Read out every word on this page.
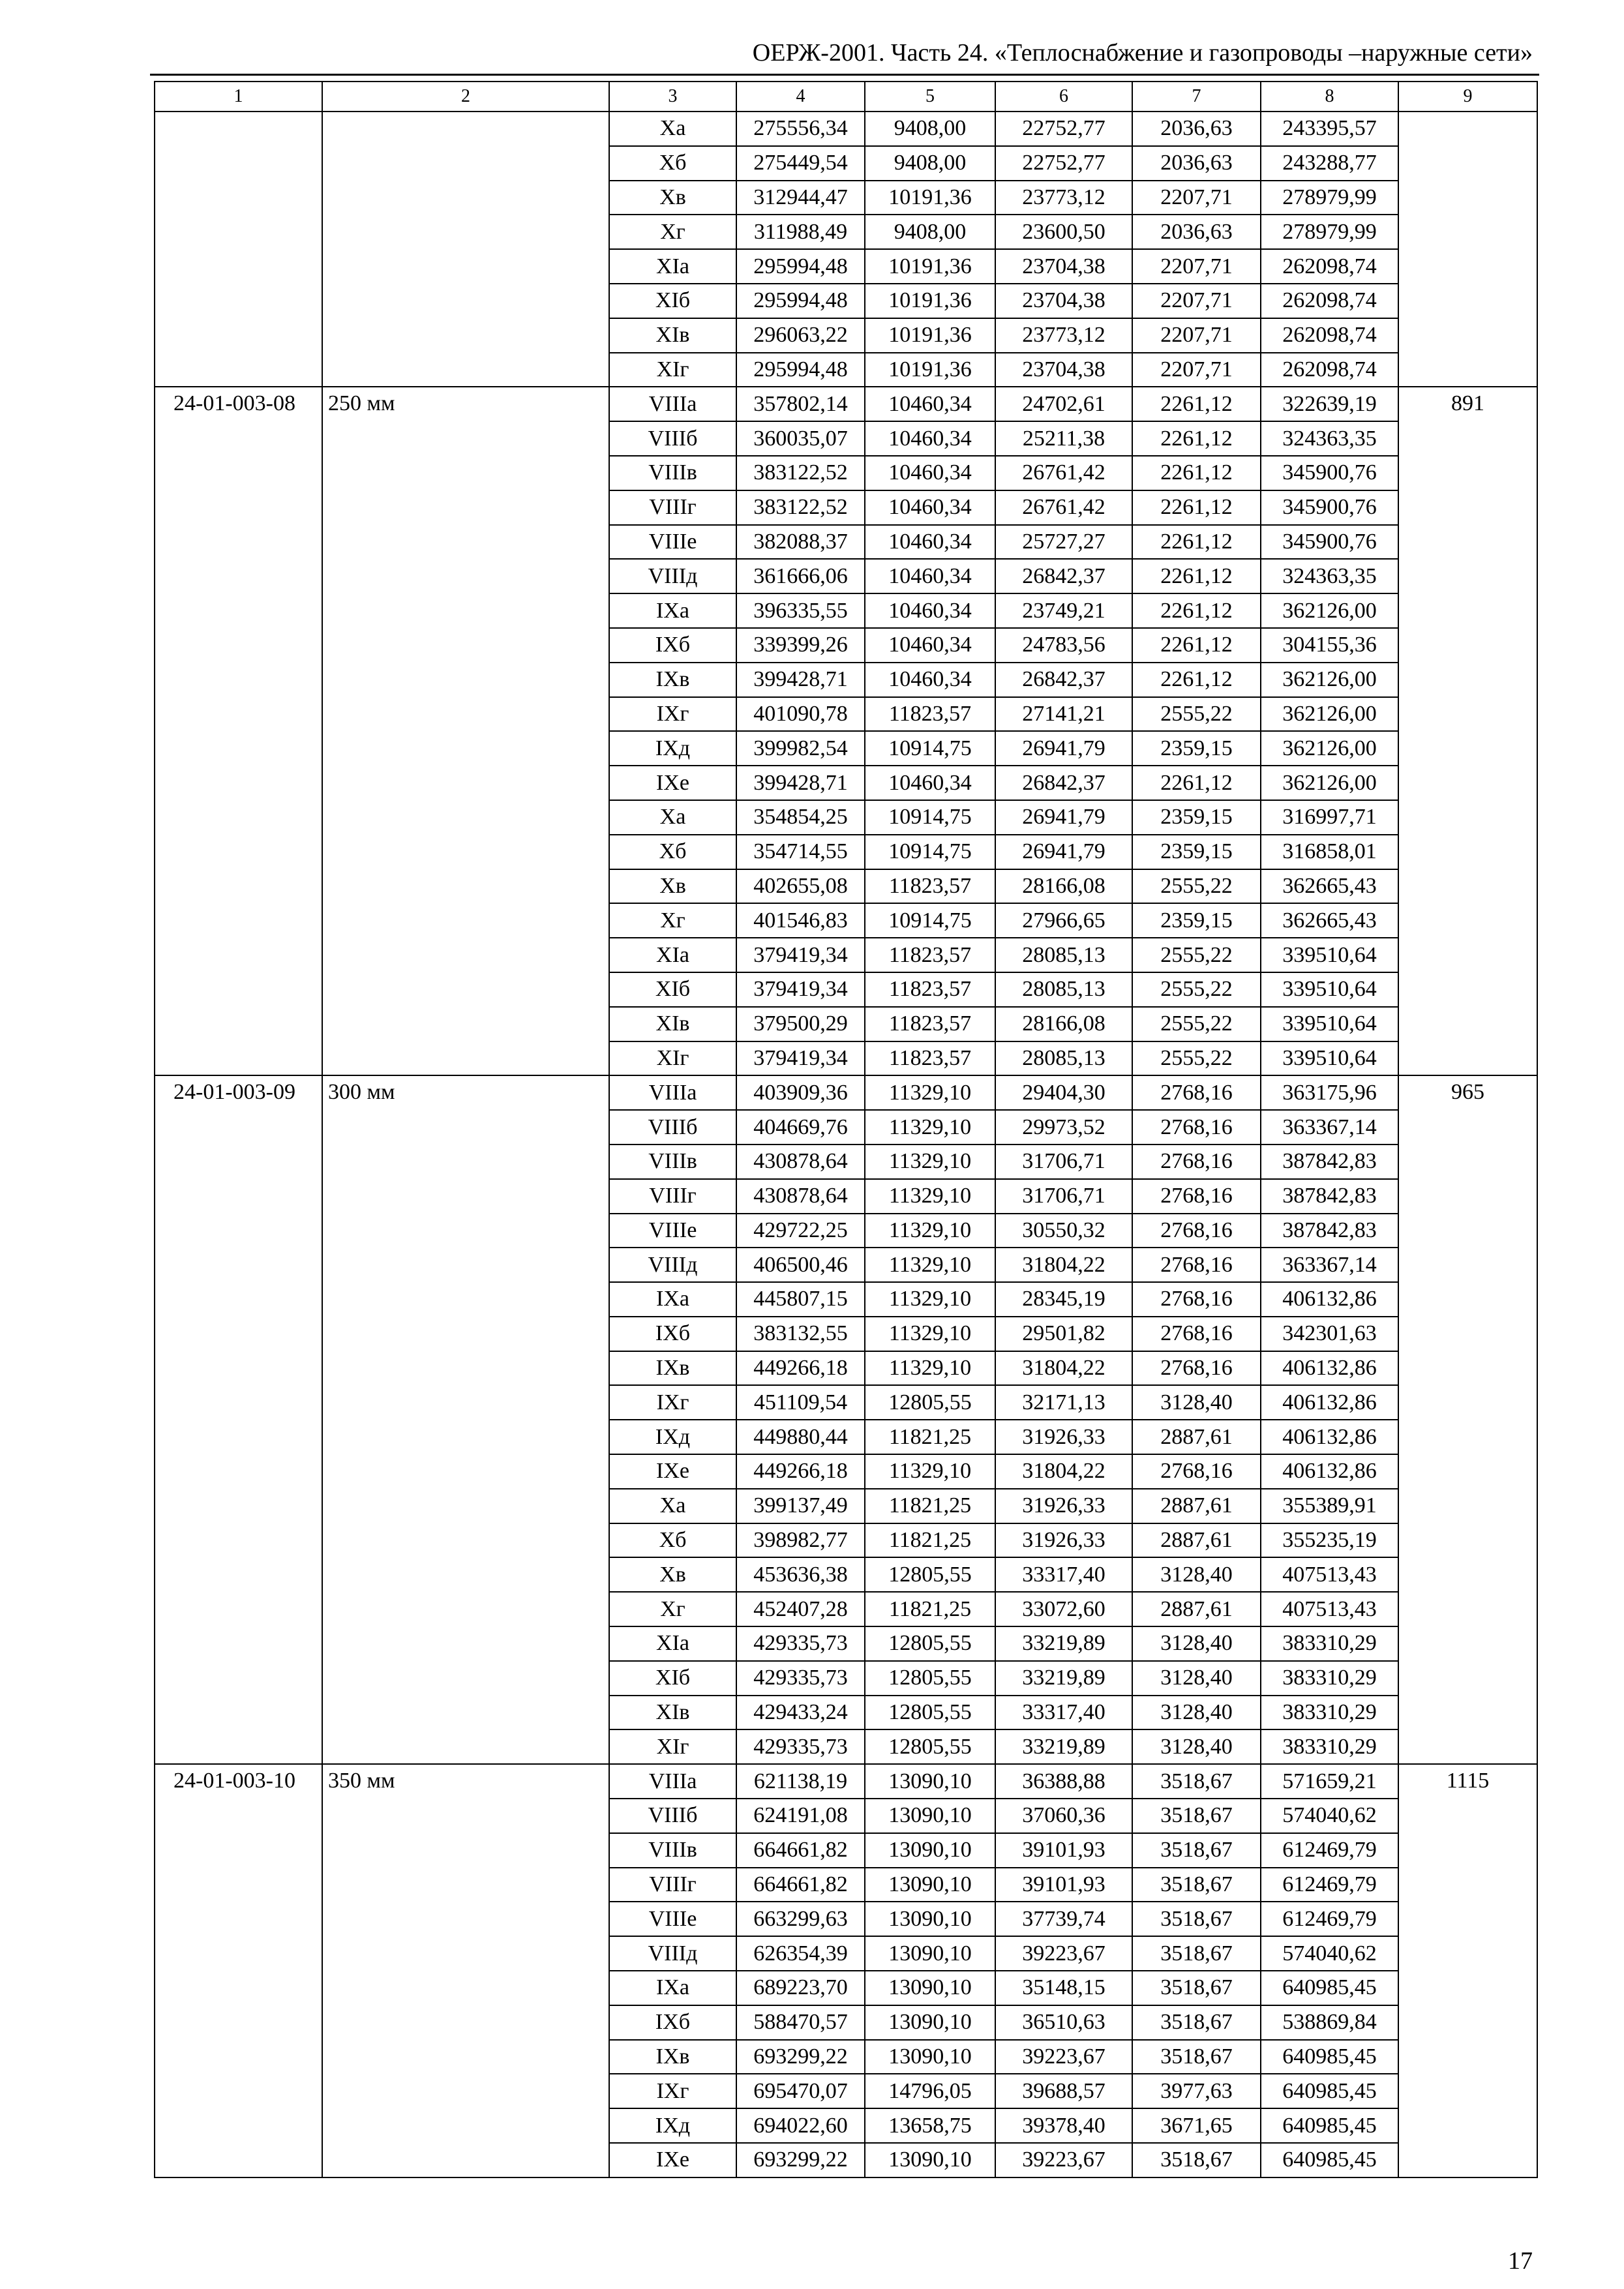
ОЕРЖ-2001. Часть 24. «Теплоснабжение и газопроводы –наружные сети»
1	2	3	4	5	6	7	8	9
		Xa	275556,34	9408,00	22752,77	2036,63	243395,57	
		Xб	275449,54	9408,00	22752,77	2036,63	243288,77	
		Xв	312944,47	10191,36	23773,12	2207,71	278979,99	
		Xг	311988,49	9408,00	23600,50	2036,63	278979,99	
		XIa	295994,48	10191,36	23704,38	2207,71	262098,74	
		XIб	295994,48	10191,36	23704,38	2207,71	262098,74	
		XIв	296063,22	10191,36	23773,12	2207,71	262098,74	
		XIг	295994,48	10191,36	23704,38	2207,71	262098,74	
24-01-003-08	250 мм	VIIIa	357802,14	10460,34	24702,61	2261,12	322639,19	891
		VIIIб	360035,07	10460,34	25211,38	2261,12	324363,35	
		VIIIв	383122,52	10460,34	26761,42	2261,12	345900,76	
		VIIIг	383122,52	10460,34	26761,42	2261,12	345900,76	
		VIIIe	382088,37	10460,34	25727,27	2261,12	345900,76	
		VIIIд	361666,06	10460,34	26842,37	2261,12	324363,35	
		IXa	396335,55	10460,34	23749,21	2261,12	362126,00	
		IXб	339399,26	10460,34	24783,56	2261,12	304155,36	
		IXв	399428,71	10460,34	26842,37	2261,12	362126,00	
		IXг	401090,78	11823,57	27141,21	2555,22	362126,00	
		IXд	399982,54	10914,75	26941,79	2359,15	362126,00	
		IXe	399428,71	10460,34	26842,37	2261,12	362126,00	
		Xa	354854,25	10914,75	26941,79	2359,15	316997,71	
		Xб	354714,55	10914,75	26941,79	2359,15	316858,01	
		Xв	402655,08	11823,57	28166,08	2555,22	362665,43	
		Xг	401546,83	10914,75	27966,65	2359,15	362665,43	
		XIa	379419,34	11823,57	28085,13	2555,22	339510,64	
		XIб	379419,34	11823,57	28085,13	2555,22	339510,64	
		XIв	379500,29	11823,57	28166,08	2555,22	339510,64	
		XIг	379419,34	11823,57	28085,13	2555,22	339510,64	
24-01-003-09	300 мм	VIIIa	403909,36	11329,10	29404,30	2768,16	363175,96	965
		VIIIб	404669,76	11329,10	29973,52	2768,16	363367,14	
		VIIIв	430878,64	11329,10	31706,71	2768,16	387842,83	
		VIIIг	430878,64	11329,10	31706,71	2768,16	387842,83	
		VIIIe	429722,25	11329,10	30550,32	2768,16	387842,83	
		VIIIд	406500,46	11329,10	31804,22	2768,16	363367,14	
		IXa	445807,15	11329,10	28345,19	2768,16	406132,86	
		IXб	383132,55	11329,10	29501,82	2768,16	342301,63	
		IXв	449266,18	11329,10	31804,22	2768,16	406132,86	
		IXг	451109,54	12805,55	32171,13	3128,40	406132,86	
		IXд	449880,44	11821,25	31926,33	2887,61	406132,86	
		IXe	449266,18	11329,10	31804,22	2768,16	406132,86	
		Xa	399137,49	11821,25	31926,33	2887,61	355389,91	
		Xб	398982,77	11821,25	31926,33	2887,61	355235,19	
		Xв	453636,38	12805,55	33317,40	3128,40	407513,43	
		Xг	452407,28	11821,25	33072,60	2887,61	407513,43	
		XIa	429335,73	12805,55	33219,89	3128,40	383310,29	
		XIб	429335,73	12805,55	33219,89	3128,40	383310,29	
		XIв	429433,24	12805,55	33317,40	3128,40	383310,29	
		XIг	429335,73	12805,55	33219,89	3128,40	383310,29	
24-01-003-10	350 мм	VIIIa	621138,19	13090,10	36388,88	3518,67	571659,21	1115
		VIIIб	624191,08	13090,10	37060,36	3518,67	574040,62	
		VIIIв	664661,82	13090,10	39101,93	3518,67	612469,79	
		VIIIг	664661,82	13090,10	39101,93	3518,67	612469,79	
		VIIIe	663299,63	13090,10	37739,74	3518,67	612469,79	
		VIIIд	626354,39	13090,10	39223,67	3518,67	574040,62	
		IXa	689223,70	13090,10	35148,15	3518,67	640985,45	
		IXб	588470,57	13090,10	36510,63	3518,67	538869,84	
		IXв	693299,22	13090,10	39223,67	3518,67	640985,45	
		IXг	695470,07	14796,05	39688,57	3977,63	640985,45	
		IXд	694022,60	13658,75	39378,40	3671,65	640985,45	
		IXe	693299,22	13090,10	39223,67	3518,67	640985,45	
17
